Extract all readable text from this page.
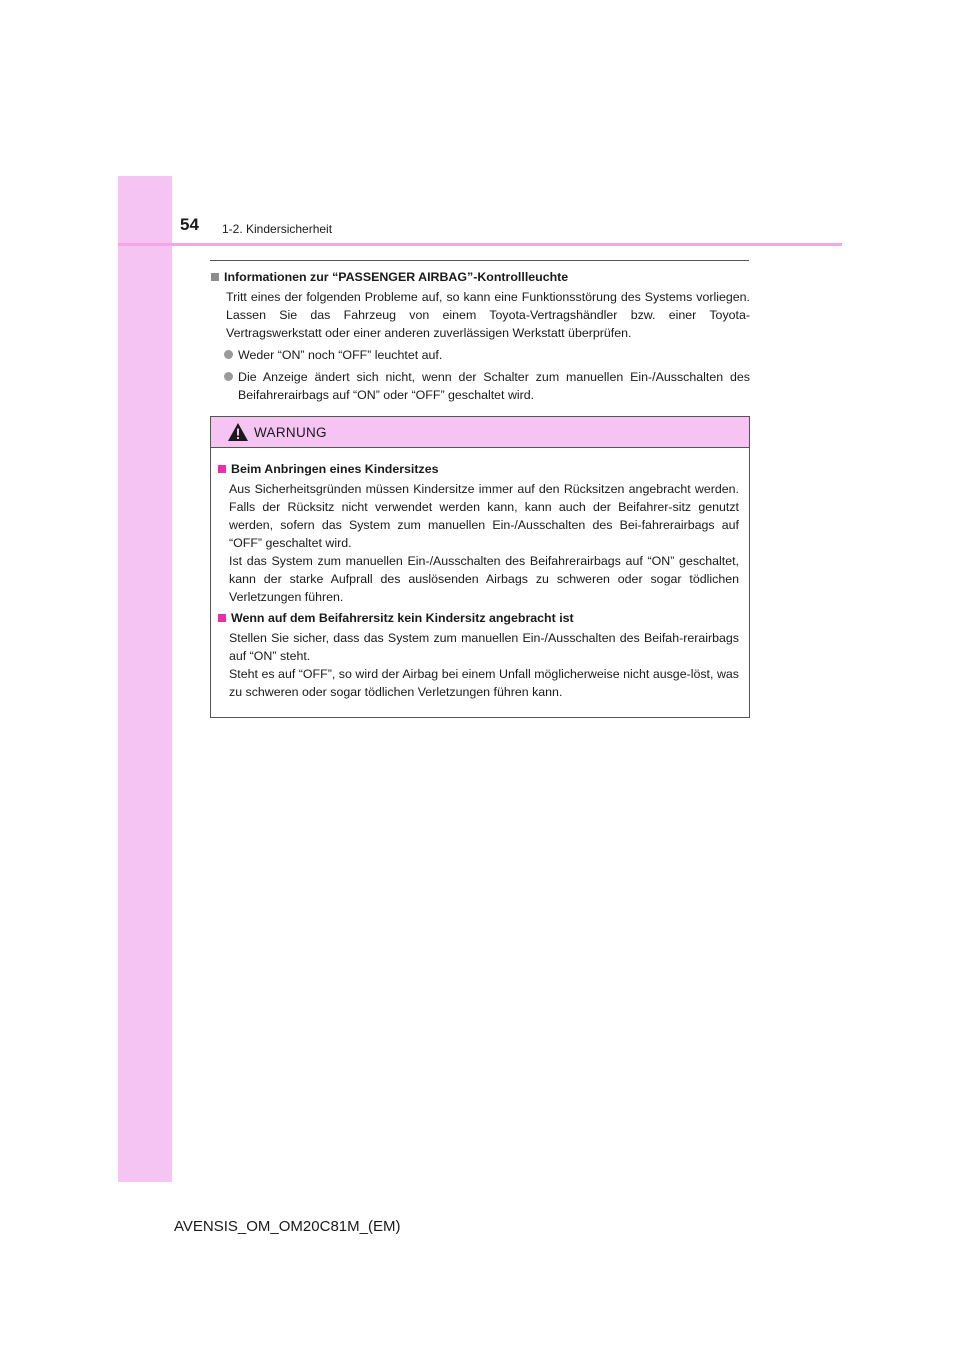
54 1-2. Kindersicherheit
Informationen zur “PASSENGER AIRBAG”-Kontrollleuchte
Tritt eines der folgenden Probleme auf, so kann eine Funktionsstörung des Systems vorliegen. Lassen Sie das Fahrzeug von einem Toyota-Vertragshändler bzw. einer Toyota-Vertragswerkstatt oder einer anderen zuverlässigen Werkstatt überprüfen.
Weder “ON” noch “OFF” leuchtet auf.
Die Anzeige ändert sich nicht, wenn der Schalter zum manuellen Ein-/Ausschalten des Beifahrerairbags auf “ON” oder “OFF” geschaltet wird.
WARNUNG
Beim Anbringen eines Kindersitzes
Aus Sicherheitsgründen müssen Kindersitze immer auf den Rücksitzen angebracht werden. Falls der Rücksitz nicht verwendet werden kann, kann auch der Beifahrer-sitz genutzt werden, sofern das System zum manuellen Ein-/Ausschalten des Bei-fahrerairbags auf “OFF” geschaltet wird.
Ist das System zum manuellen Ein-/Ausschalten des Beifahrerairbags auf “ON” geschaltet, kann der starke Aufprall des auslösenden Airbags zu schweren oder sogar tödlichen Verletzungen führen.
Wenn auf dem Beifahrersitz kein Kindersitz angebracht ist
Stellen Sie sicher, dass das System zum manuellen Ein-/Ausschalten des Beifah-rerairbags auf “ON” steht.
Steht es auf “OFF”, so wird der Airbag bei einem Unfall möglicherweise nicht ausge-löst, was zu schweren oder sogar tödlichen Verletzungen führen kann.
AVENSIS_OM_OM20C81M_(EM)
